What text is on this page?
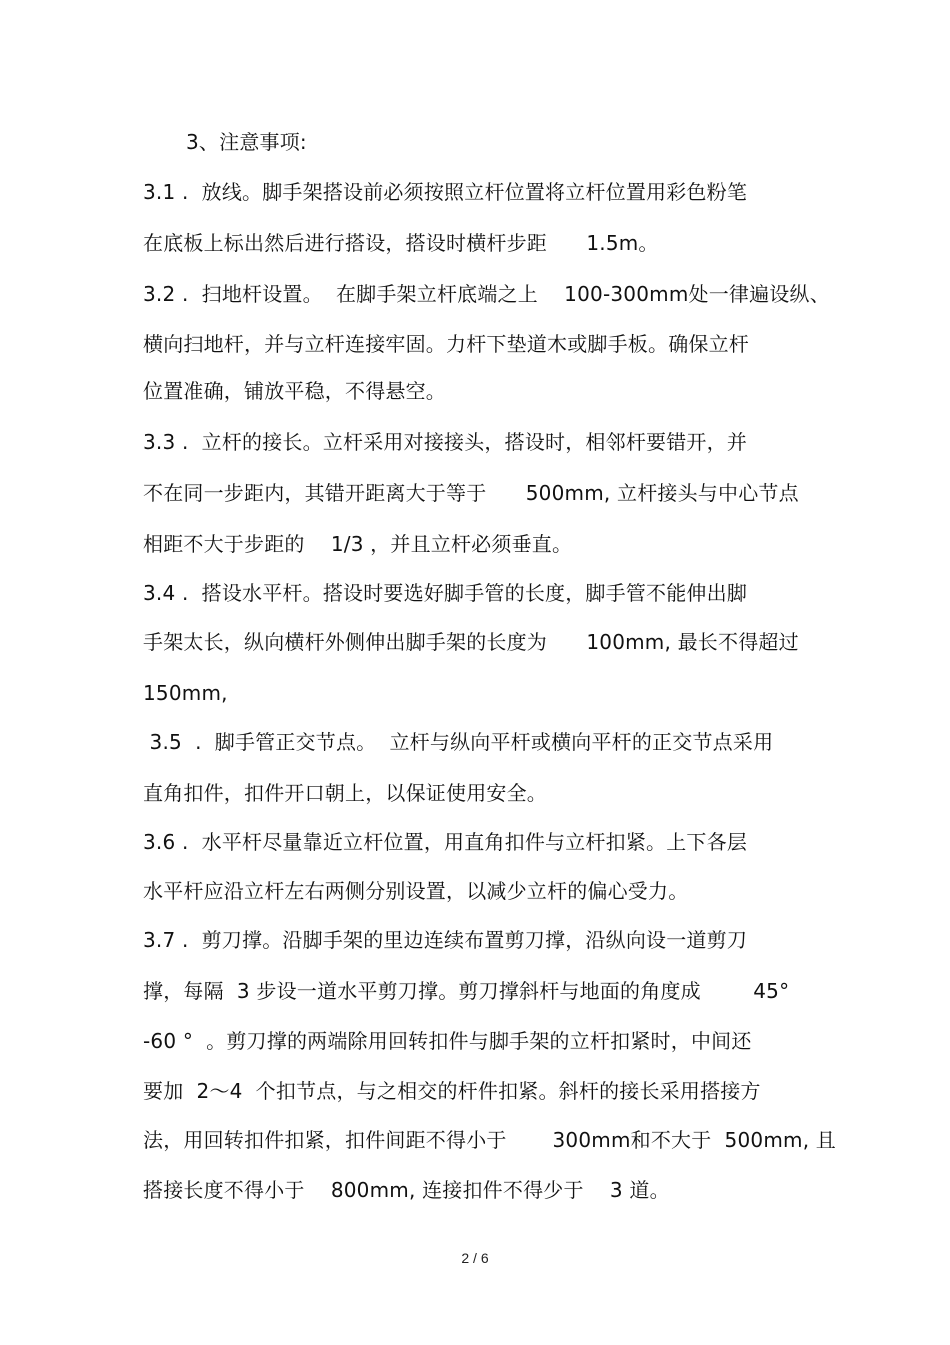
3、注意事项:
3.1 .  放线。脚手架搭设前必须按照立杆位置将立杆位置用彩色粉笔
在底板上标出然后进行搭设，搭设时横杆步距      1.5m。
3.2 .  扫地杆设置。  在脚手架立杆底端之上    100-300mm处一律遍设纵、
横向扫地杆，并与立杆连接牢固。力杆下垫道木或脚手板。确保立杆
位置准确，铺放平稳，不得悬空。
3.3 .  立杆的接长。立杆采用对接接头，搭设时，相邻杆要错开，并
不在同一步距内，其错开距离大于等于      500mm, 立杆接头与中心节点
相距不大于步距的    1/3 ，并且立杆必须垂直。
3.4 .  搭设水平杆。搭设时要选好脚手管的长度，脚手管不能伸出脚
手架太长，纵向横杆外侧伸出脚手架的长度为      100mm, 最长不得超过
150mm,
3.5  .  脚手管正交节点。  立杆与纵向平杆或横向平杆的正交节点采用
直角扣件，扣件开口朝上，以保证使用安全。
3.6 .  水平杆尽量靠近立杆位置，用直角扣件与立杆扣紧。上下各层
水平杆应沿立杆左右两侧分别设置，以减少立杆的偏心受力。
3.7 .  剪刀撑。沿脚手架的里边连续布置剪刀撑，沿纵向设一道剪刀
撑，每隔  3 步设一道水平剪刀撑。剪刀撑斜杆与地面的角度成        45°
-60 °  。剪刀撑的两端除用回转扣件与脚手架的立杆扣紧时，中间还
要加  2～4  个扣节点，与之相交的杆件扣紧。斜杆的接长采用搭接方
法，用回转扣件扣紧，扣件间距不得小于       300mm和不大于  500mm, 且
搭接长度不得小于    800mm, 连接扣件不得少于    3 道。
2 / 6
